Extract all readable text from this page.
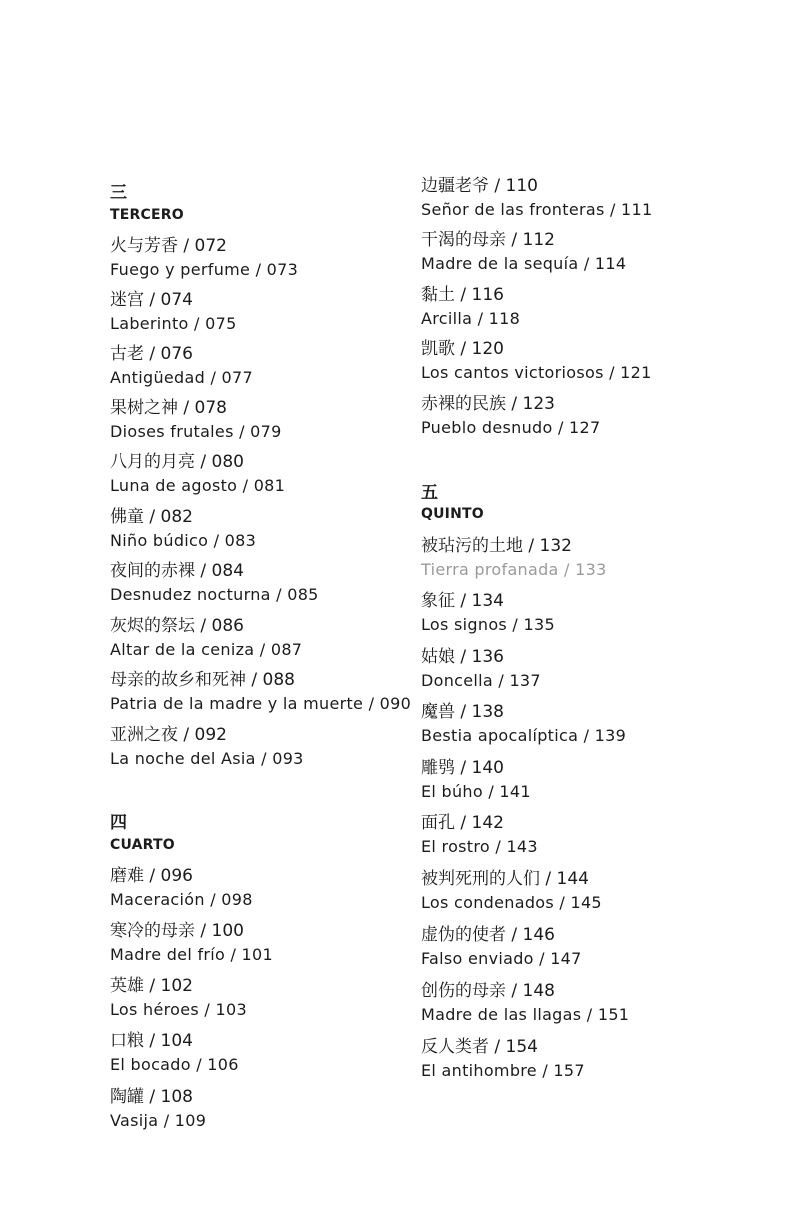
三
TERCERO
火与芳香 / 072
Fuego y perfume / 073
迷宫 / 074
Laberinto / 075
古老 / 076
Antigüedad / 077
果树之神 / 078
Dioses frutales / 079
八月的月亮 / 080
Luna de agosto / 081
佛童 / 082
Niño búdico / 083
夜间的赤裸 / 084
Desnudez nocturna / 085
灰烬的祭坛 / 086
Altar de la ceniza / 087
母亲的故乡和死神 / 088
Patria de la madre y la muerte / 090
亚洲之夜 / 092
La noche del Asia / 093
四
CUARTO
磨难 / 096
Maceración / 098
寒冷的母亲 / 100
Madre del frío / 101
英雄 / 102
Los héroes / 103
口粮 / 104
El bocado / 106
陶罐 / 108
Vasija / 109
边疆老爷 / 110
Señor de las fronteras / 111
干渴的母亲 / 112
Madre de la sequía / 114
黏土 / 116
Arcilla / 118
凯歌 / 120
Los cantos victoriosos / 121
赤裸的民族 / 123
Pueblo desnudo / 127
五
QUINTO
被玷污的土地 / 132
Tierra profanada / 133
象征 / 134
Los signos / 135
姑娘 / 136
Doncella / 137
魔兽 / 138
Bestia apocalíptica / 139
雕鸮 / 140
El búho / 141
面孔 / 142
El rostro / 143
被判死刑的人们 / 144
Los condenados / 145
虚伪的使者 / 146
Falso enviado / 147
创伤的母亲 / 148
Madre de las llagas / 151
反人类者 / 154
El antihombre / 157
